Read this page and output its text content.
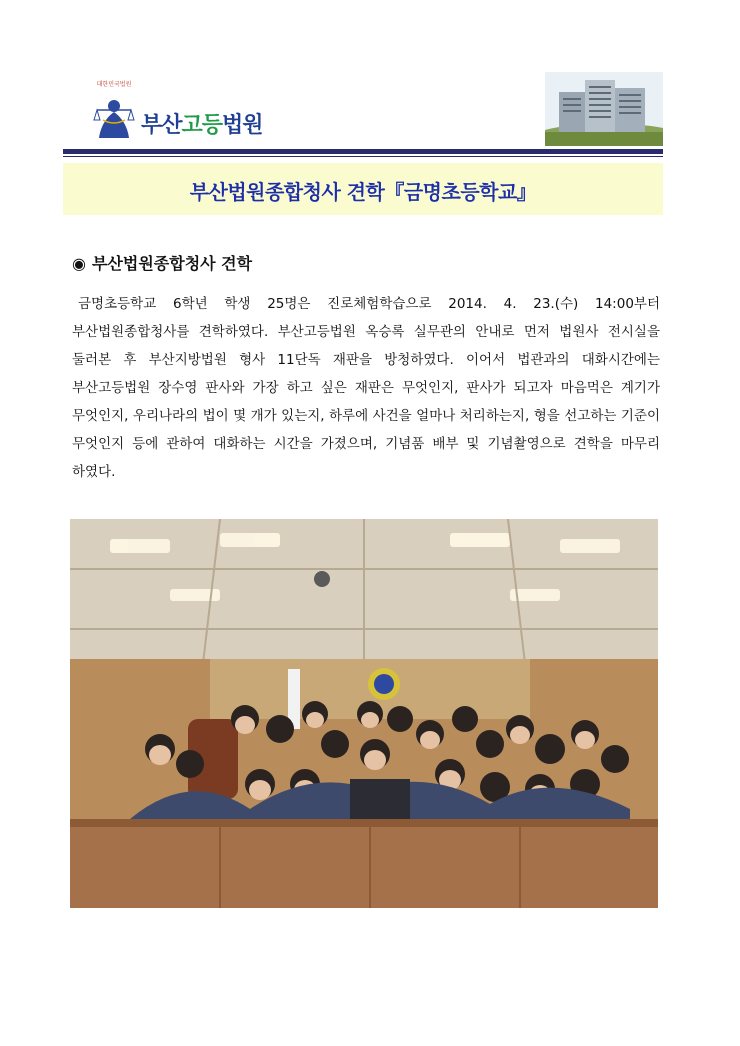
대한민국법원
부산고등법원
부산법원종합청사 견학『금명초등학교』
◉ 부산법원종합청사 견학

금명초등학교 6학년 학생 25명은 진로체험학습으로 2014. 4. 23.(수) 14:00부터 부산법원종합청사를 견학하였다. 부산고등법원 옥승록 실무관의 안내로 먼저 법원사 전시실을 둘러본 후 부산지방법원 형사 11단독 재판을 방청하였다. 이어서 법관과의 대화시간에는 부산고등법원 장수영 판사와 가장 하고 싶은 재판은 무엇인지, 판사가 되고자 마음먹은 계기가 무엇인지, 우리나라의 법이 몇 개가 있는지, 하루에 사건을 얼마나 처리하는지, 형을 선고하는 기준이 무엇인지 등에 관하여 대화하는 시간을 가졌으며, 기념품 배부 및 기념촬영으로 견학을 마무리 하였다.
